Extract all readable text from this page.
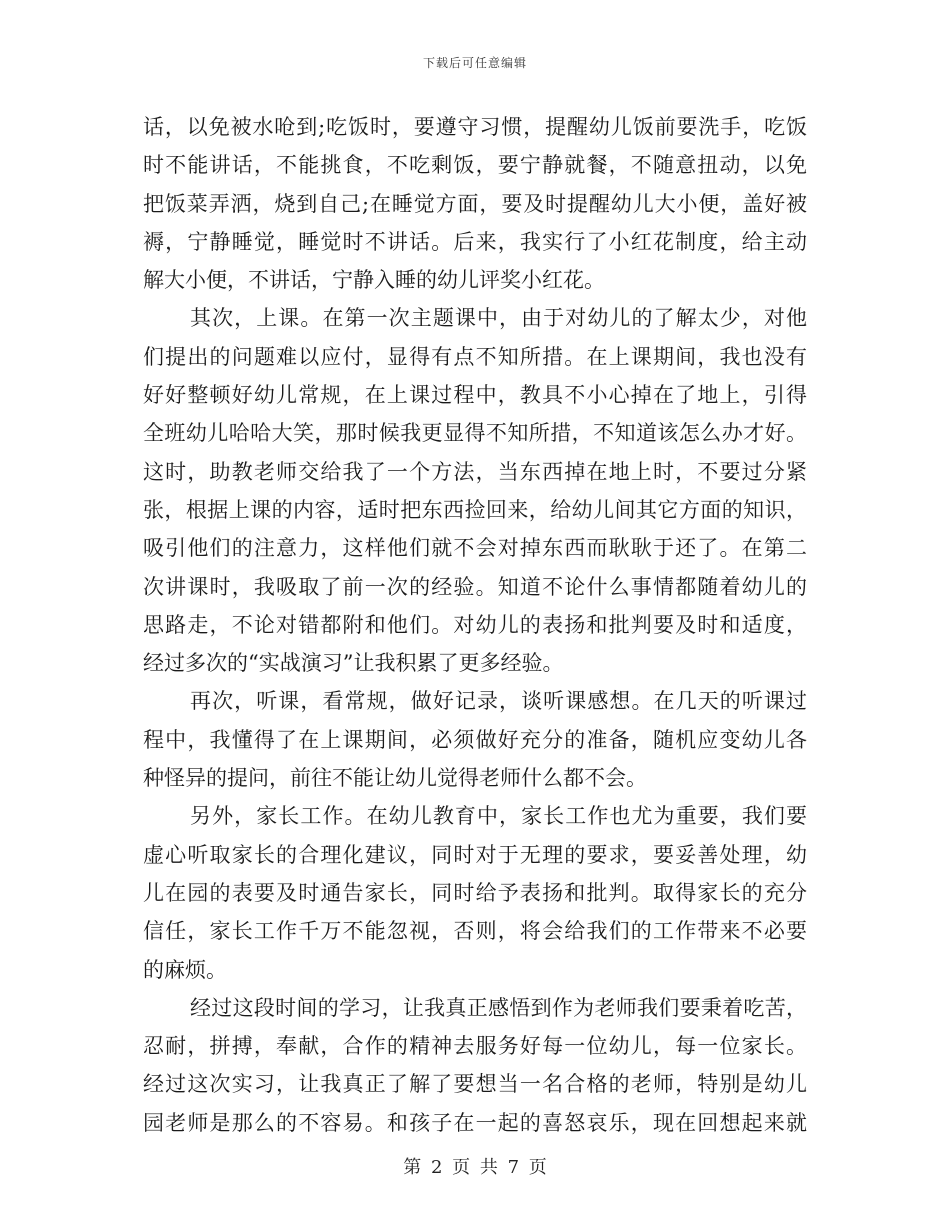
下载后可任意编辑
话，以免被水呛到;吃饭时，要遵守习惯，提醒幼儿饭前要洗手，吃饭
时不能讲话，不能挑食，不吃剩饭，要宁静就餐，不随意扭动，以免
把饭菜弄洒，烧到自己;在睡觉方面，要及时提醒幼儿大小便，盖好被
褥，宁静睡觉，睡觉时不讲话。后来，我实行了小红花制度，给主动
解大小便，不讲话，宁静入睡的幼儿评奖小红花。
其次，上课。在第一次主题课中，由于对幼儿的了解太少，对他
们提出的问题难以应付，显得有点不知所措。在上课期间，我也没有
好好整顿好幼儿常规，在上课过程中，教具不小心掉在了地上，引得
全班幼儿哈哈大笑，那时候我更显得不知所措，不知道该怎么办才好。
这时，助教老师交给我了一个方法，当东西掉在地上时，不要过分紧
张，根据上课的内容，适时把东西捡回来，给幼儿间其它方面的知识，
吸引他们的注意力，这样他们就不会对掉东西而耿耿于还了。在第二
次讲课时，我吸取了前一次的经验。知道不论什么事情都随着幼儿的
思路走，不论对错都附和他们。对幼儿的表扬和批判要及时和适度，
经过多次的“实战演习”让我积累了更多经验。
再次，听课，看常规，做好记录，谈听课感想。在几天的听课过
程中，我懂得了在上课期间，必须做好充分的准备，随机应变幼儿各
种怪异的提问，前往不能让幼儿觉得老师什么都不会。
另外，家长工作。在幼儿教育中，家长工作也尤为重要，我们要
虚心听取家长的合理化建议，同时对于无理的要求，要妥善处理，幼
儿在园的表要及时通告家长，同时给予表扬和批判。取得家长的充分
信任，家长工作千万不能忽视，否则，将会给我们的工作带来不必要
的麻烦。
经过这段时间的学习，让我真正感悟到作为老师我们要秉着吃苦，
忍耐，拼搏，奉献，合作的精神去服务好每一位幼儿，每一位家长。
经过这次实习，让我真正了解了要想当一名合格的老师，特别是幼儿
园老师是那么的不容易。和孩子在一起的喜怒哀乐，现在回想起来就
第 2 页 共 7 页
